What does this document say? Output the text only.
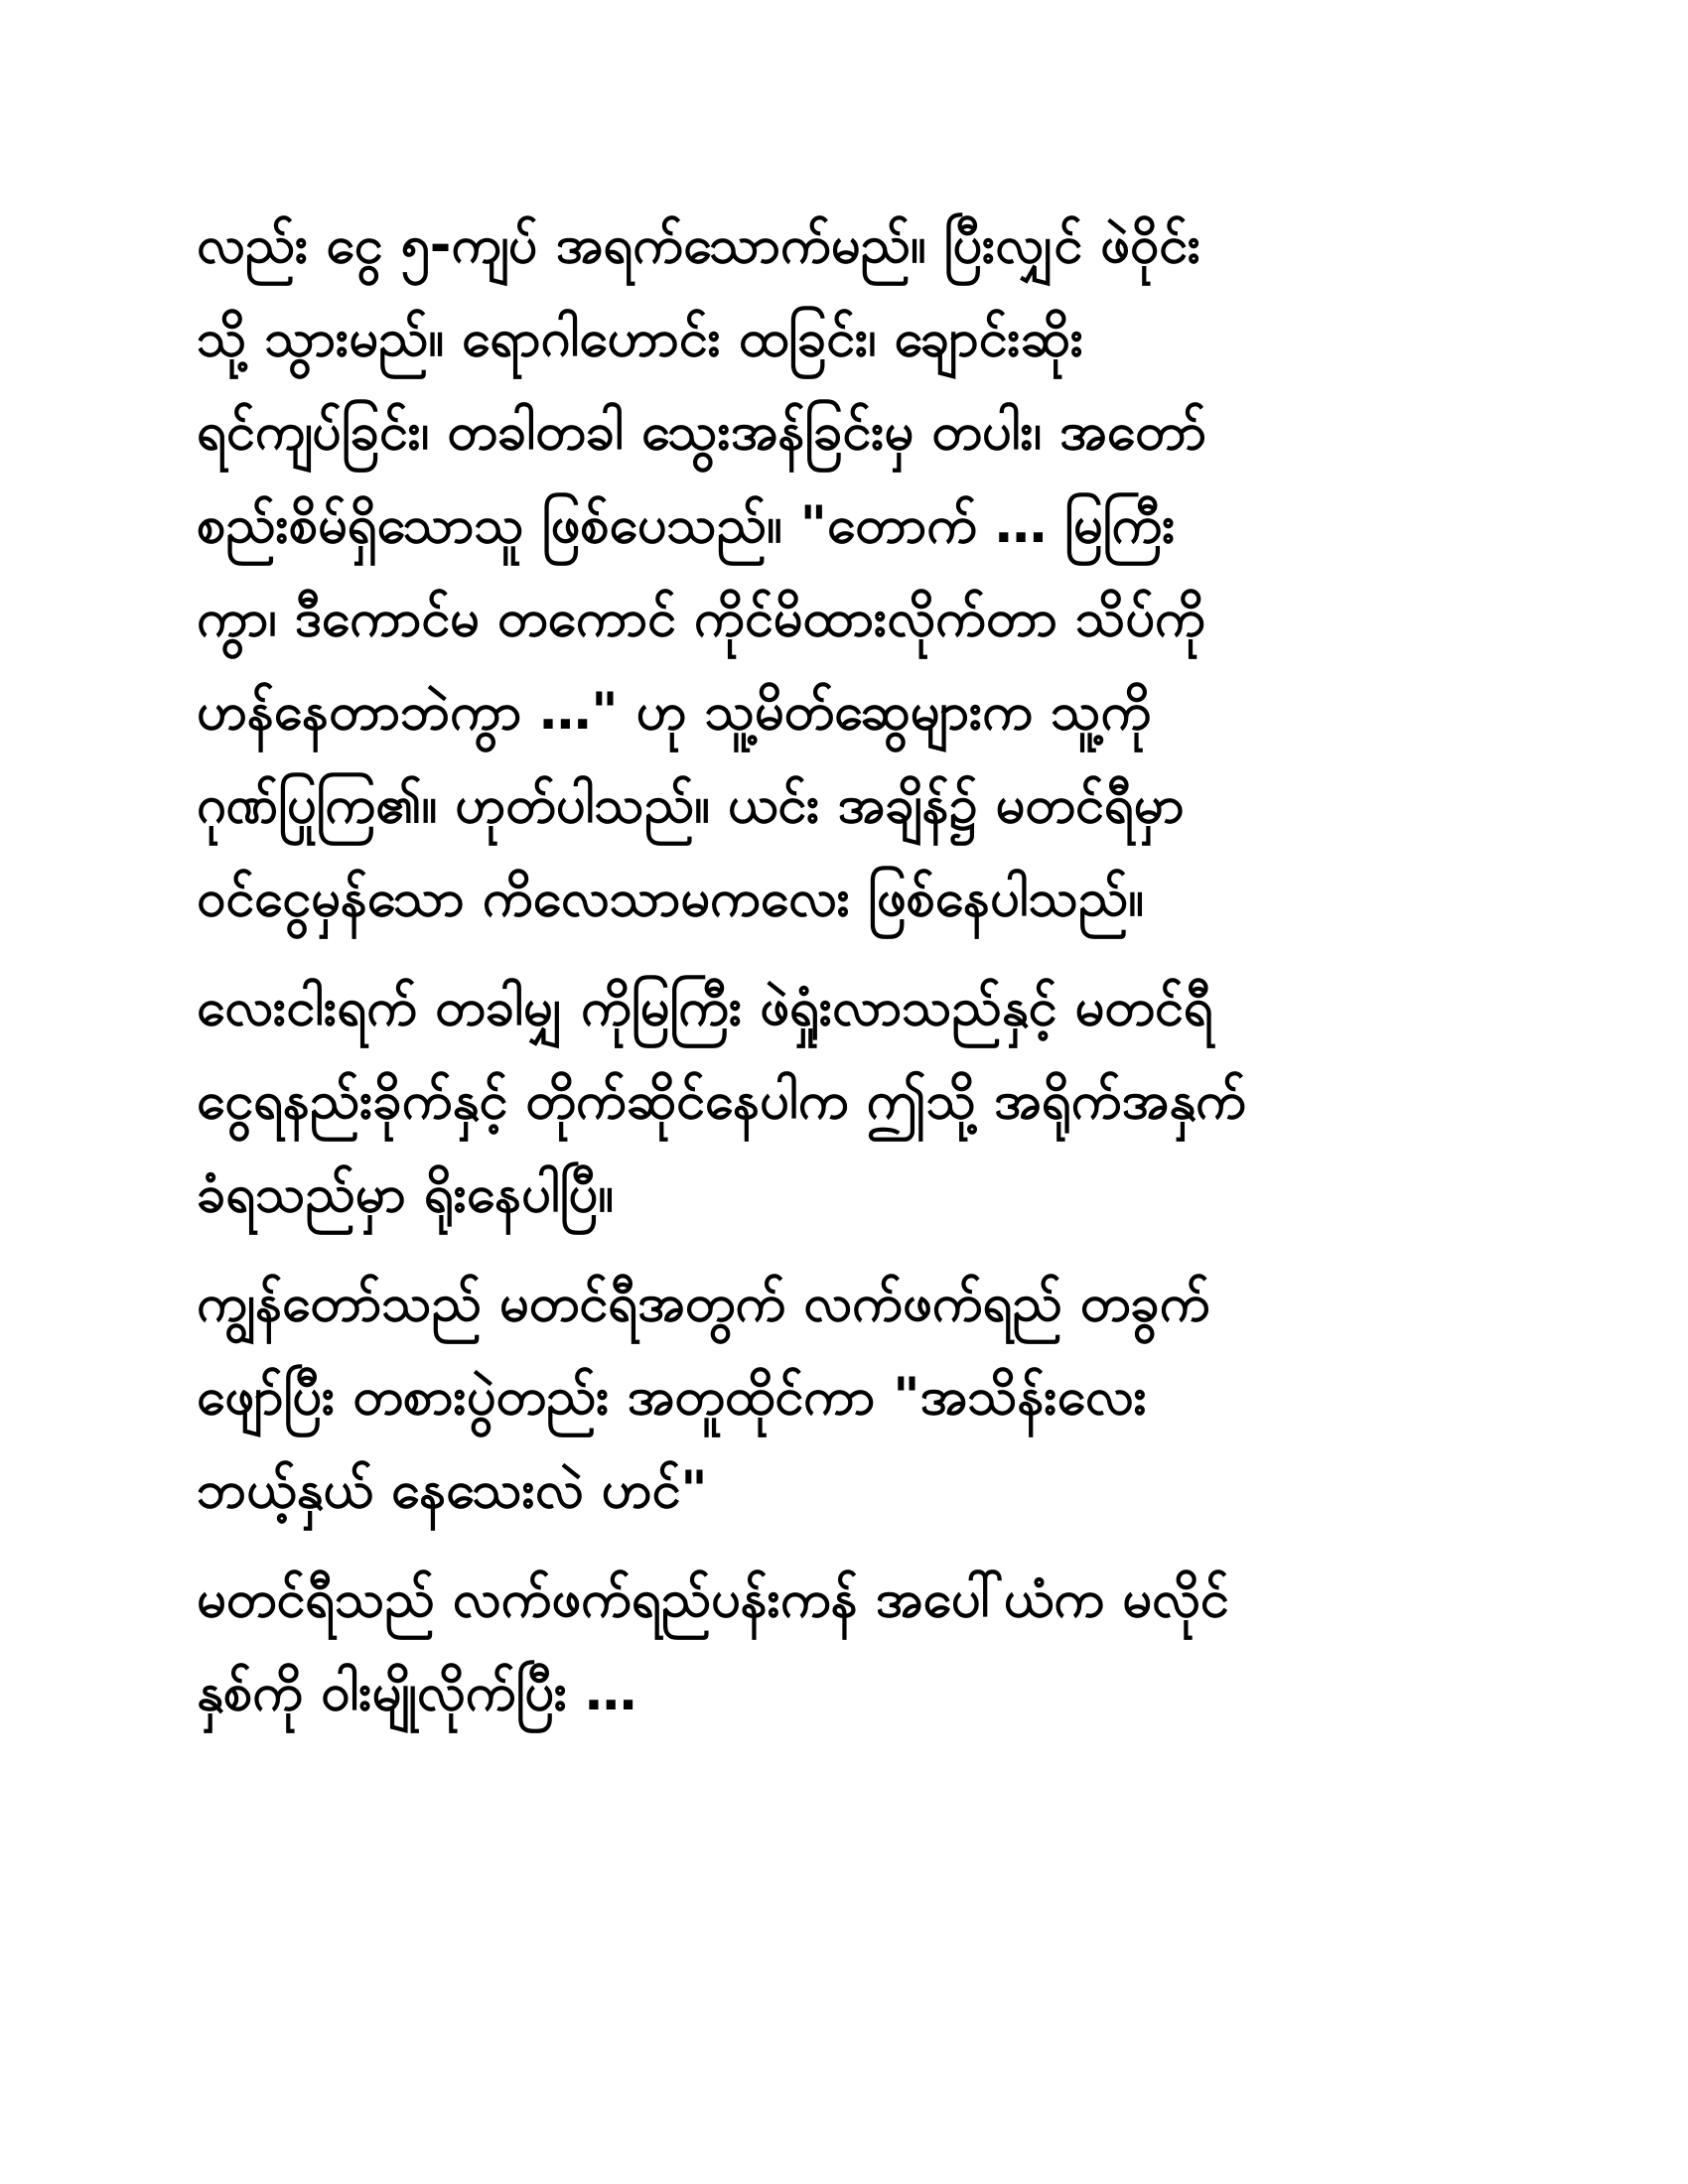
လည်း ငွေ ၅-ကျပ် အရက်သောက်မည်။ ပြီးလျှင် ဖဲဝိုင်း
သို့ သွားမည်။ ရောဂါဟောင်း ထခြင်း၊ ချောင်းဆိုး
ရင်ကျပ်ခြင်း၊ တခါတခါ သွေးအန်ခြင်းမှ တပါး၊ အတော်
စည်းစိမ်ရှိသောသူ ဖြစ်ပေသည်။ "တောက် … မြကြီး
ကွာ၊ ဒီကောင်မ တကောင် ကိုင်မိထားလိုက်တာ သိပ်ကို
ဟန်နေတာဘဲကွာ …" ဟု သူ့မိတ်ဆွေများက သူ့ကို
ဂုဏ်ပြုကြ၏။ ဟုတ်ပါသည်။ ယင်း အချိန်၌ မတင်ရီမှာ
ဝင်ငွေမှန်သော ကိလေသာမကလေး ဖြစ်နေပါသည်။
လေးငါးရက် တခါမျှ ကိုမြကြီး ဖဲရှုံးလာသည်နှင့် မတင်ရီ
ငွေရနည်းခိုက်နှင့် တိုက်ဆိုင်နေပါက ဤသို့ အရိုက်အနှက်
ခံရသည်မှာ ရိုးနေပါပြီ။
ကျွန်တော်သည် မတင်ရီအတွက် လက်ဖက်ရည် တခွက်
ဖျော်ပြီး တစားပွဲတည်း အတူထိုင်ကာ "အသိန်းလေး
ဘယ့်နှယ် နေသေးလဲ ဟင်"
မတင်ရီသည် လက်ဖက်ရည်ပန်းကန် အပေါ်ယံက မလိုင်
နှစ်ကို ဝါးမျိုလိုက်ပြီး …
